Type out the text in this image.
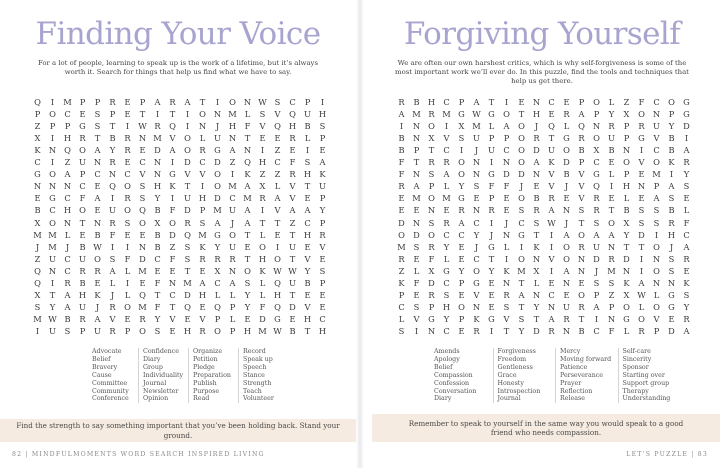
Finding Your Voice
For a lot of people, learning to speak up is the work of a lifetime, but it’s always worth it. Search for things that help us find what we have to say.
Q	I	M P	P	R	E	P	A	R	A	T	I	O N W S	C	P	I
P	O	C	E	S	P	E	T	I	T	I	O N M L	S	V	Q U H
Z	P	P	G	S	T	I	W R	Q	I	N	J	H	F	V	Q H	B	S
X	I	H R	T	B	R N M V	O	L	U N	T	E	E	R	L	P
K N Q O	A	Y	R	E	D	A	O	R	G	A	N	I	Z	E	I	E
C	I	Z	U N R	E	C N	I	D	C	D	Z	Q H C	F	S	A
G O	A	P	C N C	V	N G	V	V	O	I	K	Z	Z	R H K
N N N C	E	Q O	S	H K	T	I	O M A	X	L	V	T	U
E	G	C	F	A	I	R	S	Y	I	U H D	C M R	A	V	E	P
B	C H O	E	U O Q	B	F	D	P M U	A	I	V	A	A	Y
X	O N	T	N R	S	O	X	O	R	S	A	J	A	T	T	Z	C	P
M M L	E	B	F	E	E	B	D Q M G O	T	L	E	T	H R
J	M	J	B W	I	I	N	B	Z	S	K	Y	U	E	O	I	U	E	V
Z	U	C	U O	S	F	D	C	F	S	R	R	R	T	H O	T	V	E
Q N C	R	R	A	L M E	E	T	E	X	N O	K W W Y	S
Q	I	R	B	E	L	I	E	F	N M A	C	A	S	L	Q U	B	P
X	T	A	H K	J	L	Q	T	C	D H	L	L	Y	L	H	T	E	E
S	Y	A	U	J	R	O M F	T	Q	E	Q	P	Y	F	Q D	V	E
M W B	R	A	V	E	R	Y	V	E	V	P	L	E	D	G	E	H C
I	U	S	P	U	R	P	O	S	E	H R	O	P	H M W B	T	H
Advocate
Belief
Bravery
Cause
Committee
Community
Conference
Confidence
Diary
Group
Individuality
Journal
Newsletter
Opinion
Organize
Petition
Pledge
Preparation
Publish
Purpose
Read
Record
Speak up
Speech
Stance
Strength
Teach
Volunteer
Find the strength to say something important that you’ve been holding back. Stand your ground.
82 | MINDFULMOMENTS WORD SEARCH INSPIRED LIVING
Forgiving Yourself
We are often our own harshest critics, which is why self-forgiveness is some of the most important work we’ll ever do. In this puzzle, find the tools and techniques that help us get there.
R	B	H C	P	A	T	I	E	N C	E	P	O	L	Z	F	C	O G
A M R M G W G O	T	H	E	R	A	P	Y	X	O N	P	G
I	N O	I	X M L	A	O	J	Q	L	Q N R	P	R	U	Y	D
B	N	X	V	S	U	P	P	O	R	T	G	R	O U	P	G	V	B	I
B	P	T	C	I	J	U	C	O D U O	B	X	B	N	I	C	B	A
F	T	R	R	O N	I	N O	A	K	D	P	C	E	O	V	O	K	R
F	N	S	A	O N G	D	D N	V	B	V	G	L	P	E M	I	Y
R	A	P	L	Y	S	F	F	J	E	V	J	V	Q	I	H N	P	A	S
E M O M G	E	P	E	O	B	R	E	V	R	E	L	E	A	S	E
E	E	N	E	R N R	E	S	R	A	N	S	R	T	B	S	S	B	L
D N	S	R	A	C	I	J	C	S W	J	T	S	O	X	S	S	R	F
O D O	C	C	Y	J	N G	T	I	A	O	A	A	Y	D	I	H C
M S	R	Y	E	J	G	L	I	K	I	O	R	U N	T	T	O	J	A
R	E	F	L	E	C	T	I	O N	V	O N D	R	D	I	N	S	R
Z	L	X	G	Y	O	Y	K M X	I	A	N	J	M N	I	O	S	E
K	F	D	C	P	G	E	N	T	L	E	N	E	S	S	K	A	N N K
P	E	R	S	E	V	E	R	A	N C	E	O	P	Z	X W L	G	S
C	S	P	H O N	E	S	T	Y	N U	R	A	P	O	L	O G	Y
L	V	G	Y	P	K	G	V	S	T	A	R	T	I	N G O	V	E	R
S	I	N C	E	R	I	T	Y	D	R N	B	C	F	L	R	P	D	A
Amends
Apology
Belief
Compassion
Confession
Conversation
Diary
Forgiveness
Freedom
Gentleness
Grace
Honesty
Introspection
Journal
Mercy
Moving forward
Patience
Perseverance
Prayer
Reflection
Release
Self-care
Sincerity
Sponsor
Starting over
Support group
Therapy
Understanding
Remember to speak to yourself in the same way you would speak to a good friend who needs compassion.
LET’S PUZZLE | 83
